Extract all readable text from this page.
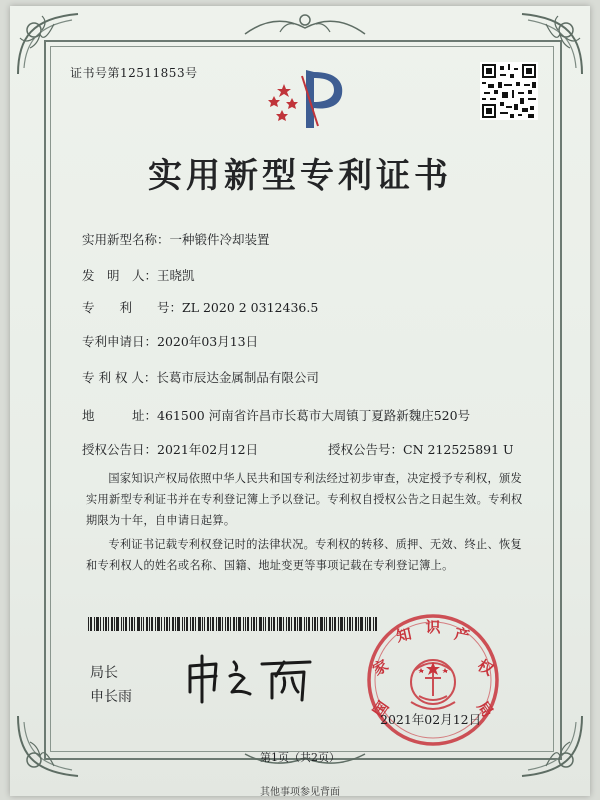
证书号第12511853号
实用新型专利证书
实用新型名称：一种锻件冷却装置
发　明　人：王晓凯
专　　利　　号：ZL 2020 2 0312436.5
专利申请日：2020年03月13日
专 利 权 人：长葛市辰达金属制品有限公司
地　　　址：461500 河南省许昌市长葛市大周镇丁夏路新魏庄520号
授权公告日：2021年02月12日	授权公告号：CN 212525891 U
国家知识产权局依照中华人民共和国专利法经过初步审查，决定授予专利权，颁发实用新型专利证书并在专利登记簿上予以登记。专利权自授权公告之日起生效。专利权期限为十年，自申请日起算。
专利证书记载专利权登记时的法律状况。专利权的转移、质押、无效、终止、恢复和专利权人的姓名或名称、国籍、地址变更等事项记载在专利登记簿上。
局长
申长雨
国
家
知 识 产
权
局
2021年02月12日
第1页（共2页）
其他事项参见背面
